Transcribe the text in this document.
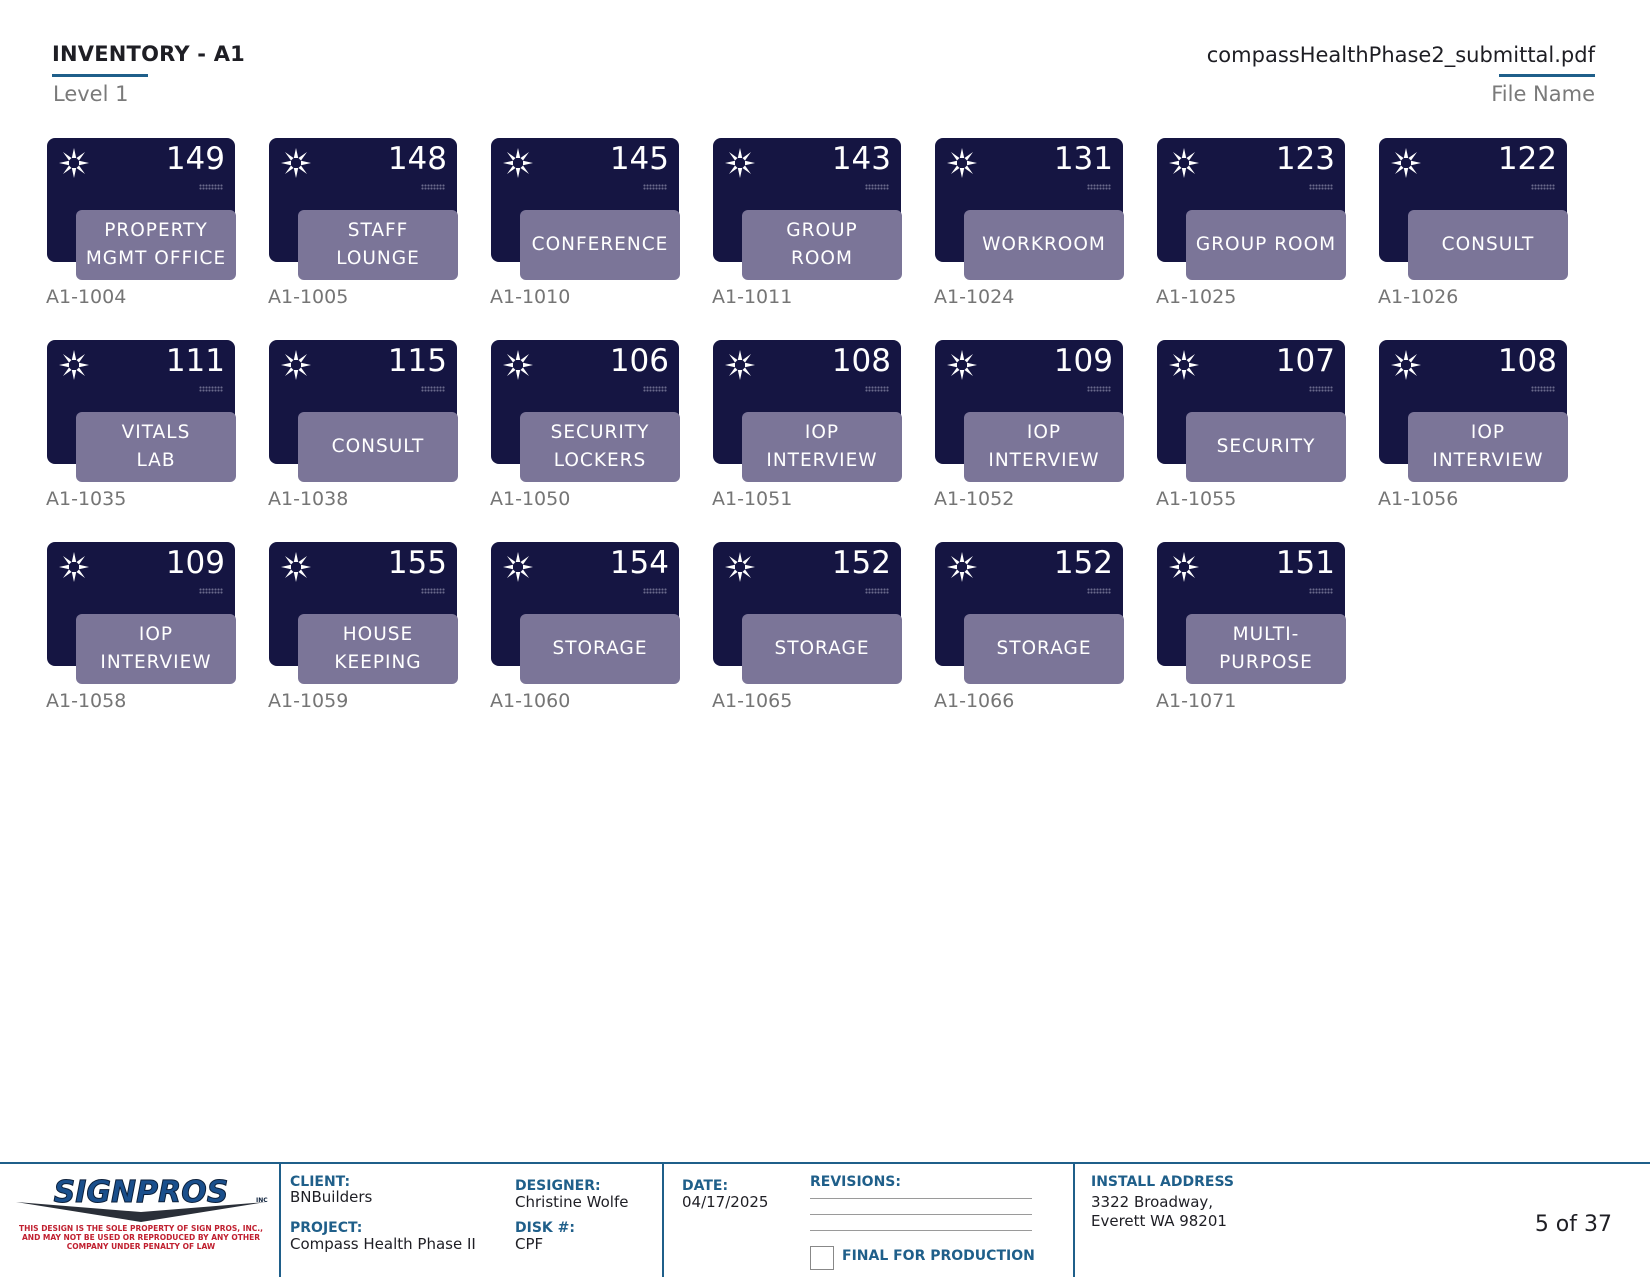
INVENTORY - A1
Level 1
compassHealthPhase2_submittal.pdf
File Name
149
PROPERTY
MGMT OFFICE
A1-1004
148
STAFF
LOUNGE
A1-1005
145
CONFERENCE
A1-1010
143
GROUP
ROOM
A1-1011
131
WORKROOM
A1-1024
123
GROUP ROOM
A1-1025
122
CONSULT
A1-1026
111
VITALS
LAB
A1-1035
115
CONSULT
A1-1038
106
SECURITY
LOCKERS
A1-1050
108
IOP
INTERVIEW
A1-1051
109
IOP
INTERVIEW
A1-1052
107
SECURITY
A1-1055
108
IOP
INTERVIEW
A1-1056
109
IOP
INTERVIEW
A1-1058
155
HOUSE
KEEPING
A1-1059
154
STORAGE
A1-1060
152
STORAGE
A1-1065
152
STORAGE
A1-1066
151
MULTI-
PURPOSE
A1-1071
SIGNPROS	INC
THIS DESIGN IS THE SOLE PROPERTY OF SIGN PROS, INC., AND MAY NOT BE USED OR REPRODUCED BY ANY OTHER COMPANY UNDER PENALTY OF LAW
CLIENT:
BNBuilders
PROJECT:
Compass Health Phase II
DESIGNER:
Christine Wolfe
DISK #:
CPF
DATE:
04/17/2025
REVISIONS:
FINAL FOR PRODUCTION
INSTALL ADDRESS
3322 Broadway,
Everett WA 98201	5 of 37
